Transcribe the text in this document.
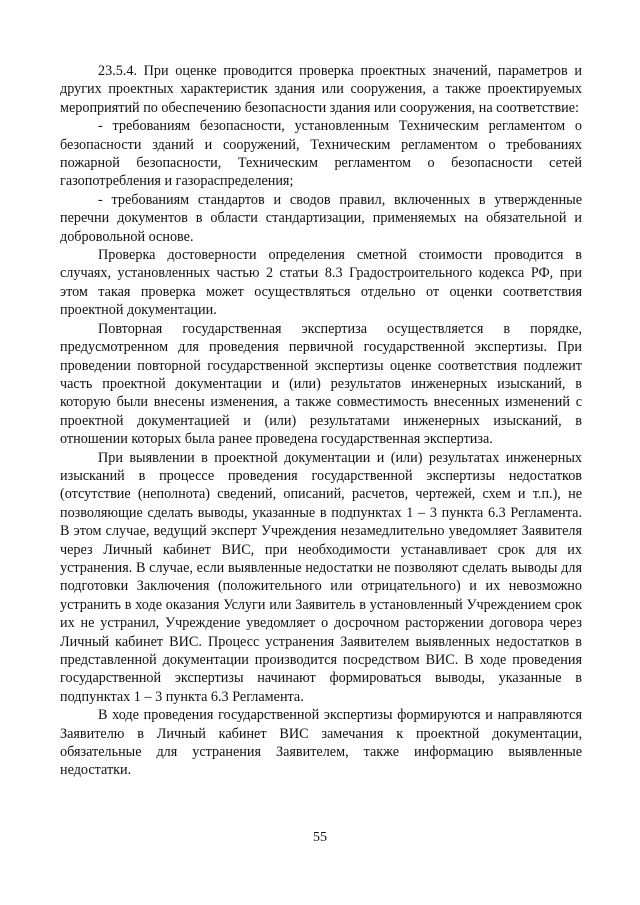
23.5.4. При оценке проводится проверка проектных значений, параметров и других проектных характеристик здания или сооружения, а также проектируемых мероприятий по обеспечению безопасности здания или сооружения, на соответствие:

- требованиям безопасности, установленным Техническим регламентом о безопасности зданий и сооружений, Техническим регламентом о требованиях пожарной безопасности, Техническим регламентом о безопасности сетей газопотребления и газораспределения;

- требованиям стандартов и сводов правил, включенных в утвержденные перечни документов в области стандартизации, применяемых на обязательной и добровольной основе.

Проверка достоверности определения сметной стоимости проводится в случаях, установленных частью 2 статьи 8.3 Градостроительного кодекса РФ, при этом такая проверка может осуществляться отдельно от оценки соответствия проектной документации.

Повторная государственная экспертиза осуществляется в порядке, предусмотренном для проведения первичной государственной экспертизы. При проведении повторной государственной экспертизы оценке соответствия подлежит часть проектной документации и (или) результатов инженерных изысканий, в которую были внесены изменения, а также совместимость внесенных изменений с проектной документацией и (или) результатами инженерных изысканий, в отношении которых была ранее проведена государственная экспертиза.

При выявлении в проектной документации и (или) результатах инженерных изысканий в процессе проведения государственной экспертизы недостатков (отсутствие (неполнота) сведений, описаний, расчетов, чертежей, схем и т.п.), не позволяющие сделать выводы, указанные в подпунктах 1 – 3 пункта 6.3 Регламента. В этом случае, ведущий эксперт Учреждения незамедлительно уведомляет Заявителя через Личный кабинет ВИС, при необходимости устанавливает срок для их устранения. В случае, если выявленные недостатки не позволяют сделать выводы для подготовки Заключения (положительного или отрицательного) и их невозможно устранить в ходе оказания Услуги или Заявитель в установленный Учреждением срок их не устранил, Учреждение уведомляет о досрочном расторжении договора через Личный кабинет ВИС. Процесс устранения Заявителем выявленных недостатков в представленной документации производится посредством ВИС. В ходе проведения государственной экспертизы начинают формироваться выводы, указанные в подпунктах 1 – 3 пункта 6.3 Регламента.

В ходе проведения государственной экспертизы формируются и направляются Заявителю в Личный кабинет ВИС замечания к проектной документации, обязательные для устранения Заявителем, также информацию выявленные недостатки.

55
